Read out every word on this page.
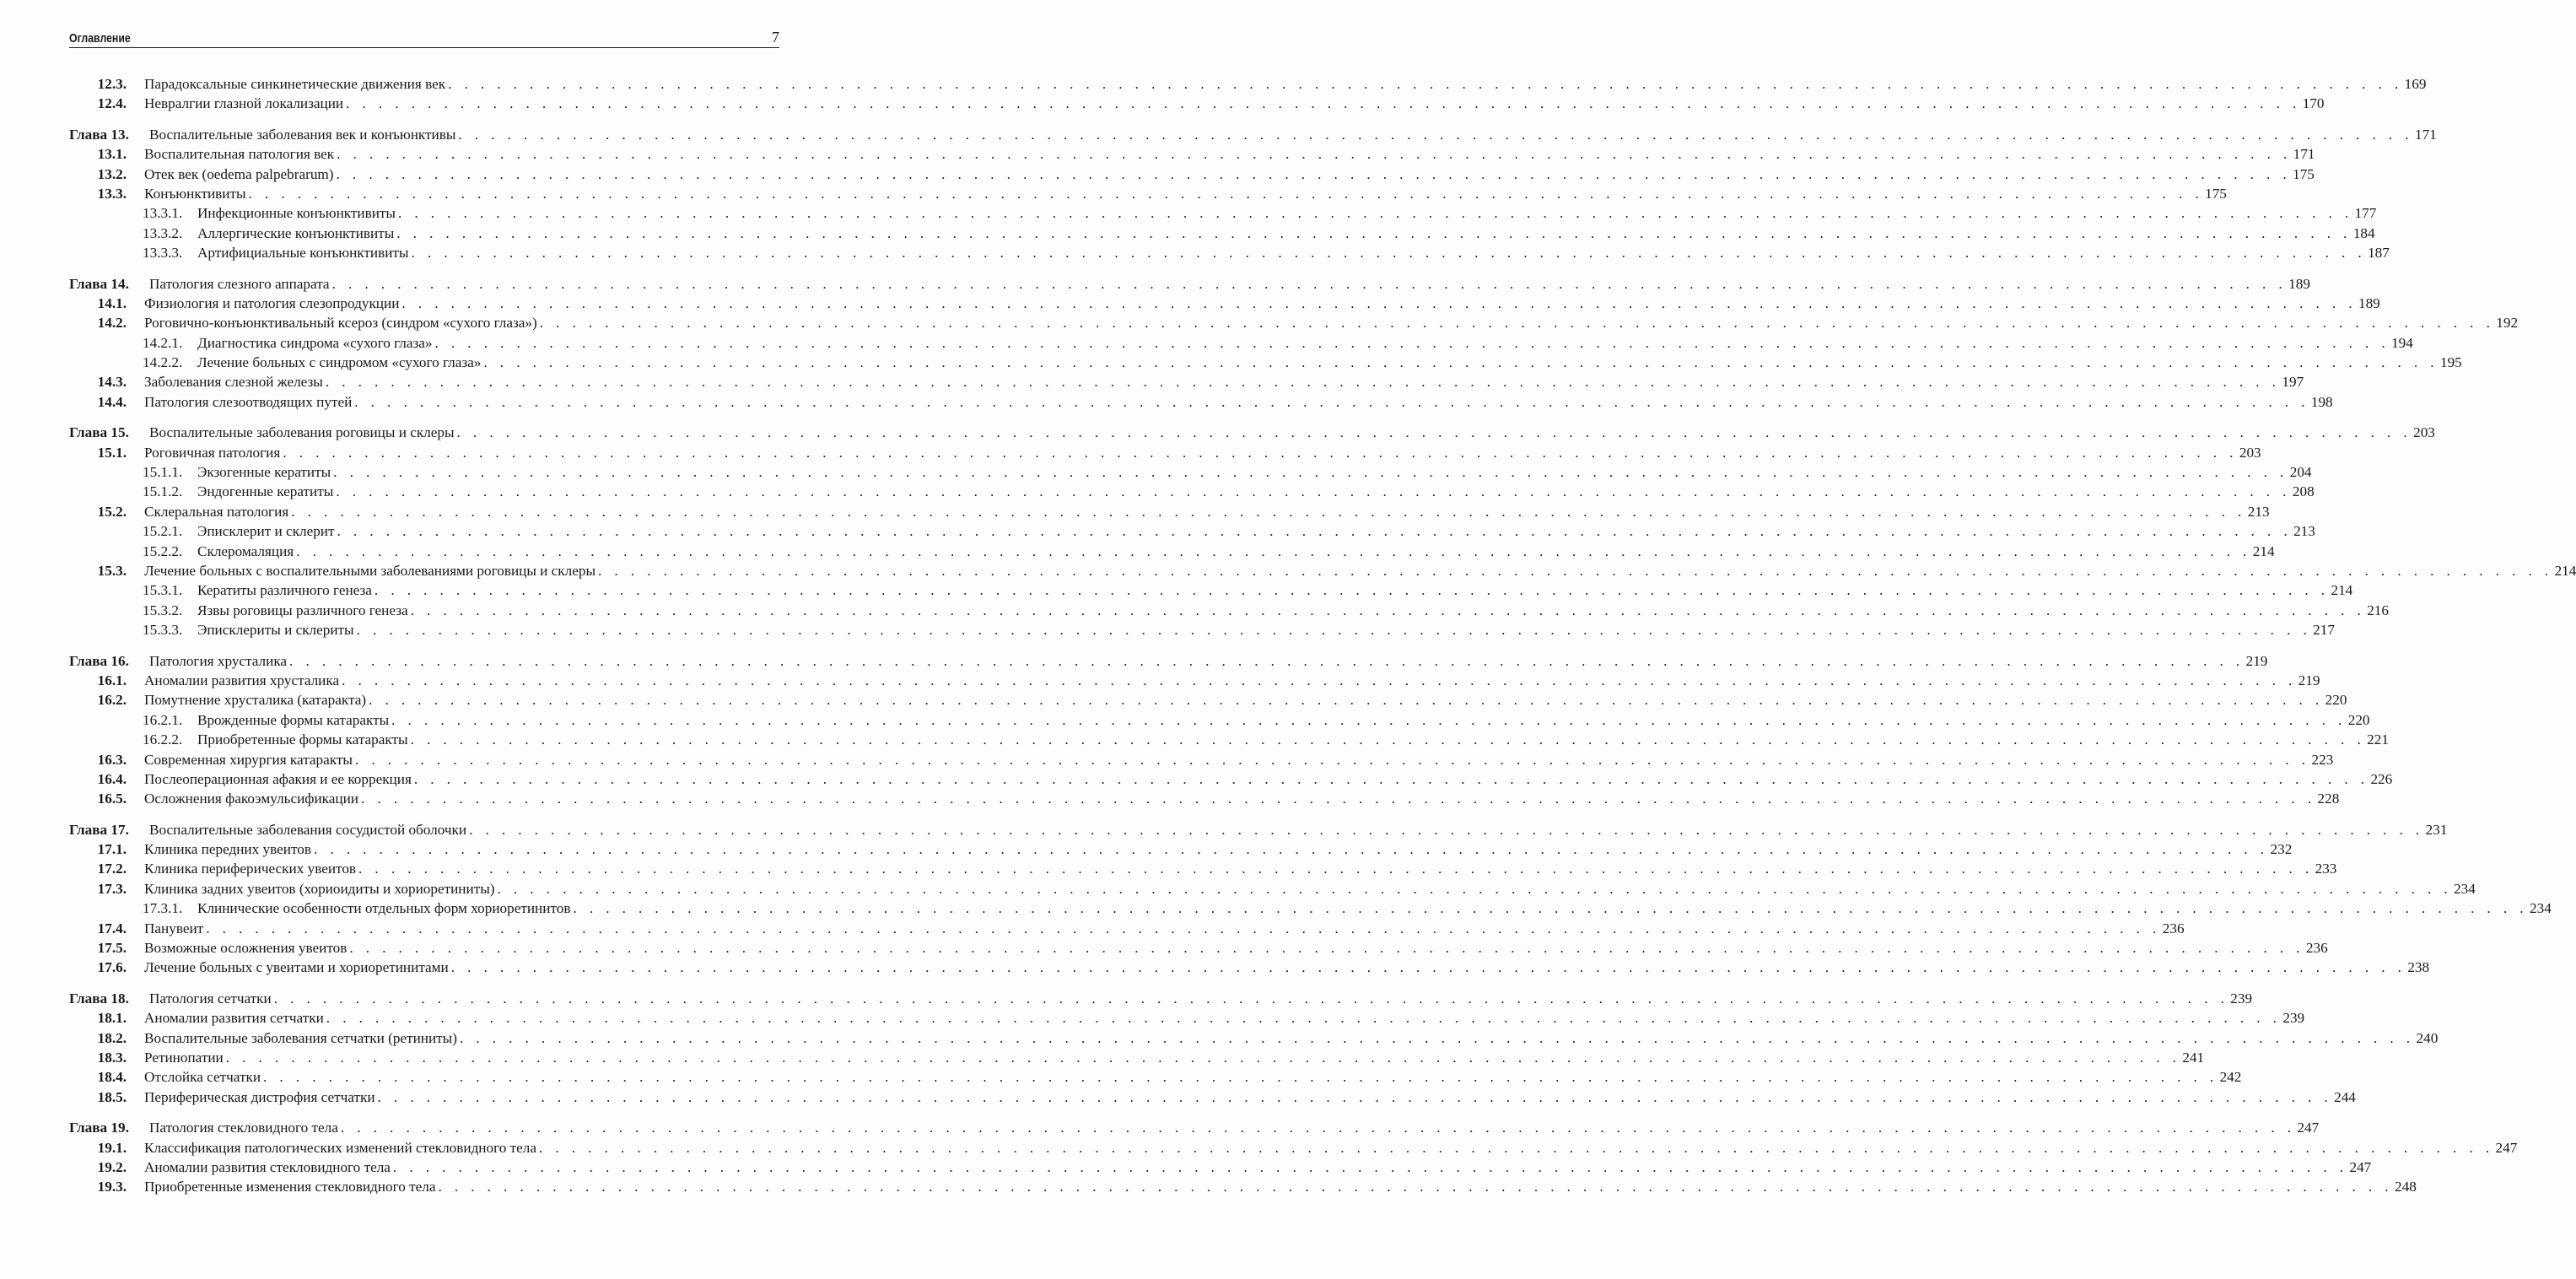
Оглавление	7
12.3. Парадоксальные синкинетические движения век . . . . . . . . . . . . . . . . . . . . . . . . . . . . . . . . . . . . . . . . . . . . . . . . . . . . . . . . . . . . . . . . . . . . . . . . . . . . . . . . . . . . . . . . . . . . . . . . . . . . . . . . . . . . . . . . . . . . . . . . 169
12.4. Невралгии глазной локализации . . . . . . . . . . . . . . . . . . . . . . . . . . . . . . . . . . . . . . . . . . . . . . . . . . . . . . . . . . . . . . . . . . . . . . . . . . . . . . . . . . . . . . . . . . . . . . . . . . . . . . . . . . . . . . . . . . . . . . . . 170
Глава 13. Воспалительные заболевания век и конъюнктивы . . . . . . . . . . . . . . . . . . . . . . . . . . . . . . . . . . . . . . . . . . . . . . . . . . . . . . . . . . . . . . . . . . . . . . . . . . . . . . . . . . . . . . . . . . . . . . . . . . . . . . . . . . . . . . . . . . . . . . . . 171
13.1. Воспалительная патология век . . . . . . . . . . . . . . . . . . . . . . . . . . . . . . . . . . . . . . . . . . . . . . . . . . . . . . . . . . . . . . . . . . . . . . . . . . . . . . . . . . . . . . . . . . . . . . . . . . . . . . . . . . . . . . . . . . . . . . . . 171
13.2. Отек век (oedema palpebrarum) . . . . . . . . . . . . . . . . . . . . . . . . . . . . . . . . . . . . . . . . . . . . . . . . . . . . . . . . . . . . . . . . . . . . . . . . . . . . . . . . . . . . . . . . . . . . . . . . . . . . . . . . . . . . . . . . . . . . . . . . 175
13.3. Конъюнктивиты . . . . . . . . . . . . . . . . . . . . . . . . . . . . . . . . . . . . . . . . . . . . . . . . . . . . . . . . . . . . . . . . . . . . . . . . . . . . . . . . . . . . . . . . . . . . . . . . . . . . . . . . . . . . . . . . . . . . . . . . 175
13.3.1. Инфекционные конъюнктивиты . . . . . . . . . . . . . . . . . . . . . . . . . . . . . . . . . . . . . . . . . . . . . . . . . . . . . . . . . . . . . . . . . . . . . . . . . . . . . . . . . . . . . . . . . . . . . . . . . . . . . . . . . . . . . . . . . . . . . . . . 177
13.3.2. Аллергические конъюнктивиты . . . . . . . . . . . . . . . . . . . . . . . . . . . . . . . . . . . . . . . . . . . . . . . . . . . . . . . . . . . . . . . . . . . . . . . . . . . . . . . . . . . . . . . . . . . . . . . . . . . . . . . . . . . . . . . . . . . . . . . . 184
13.3.3. Артифициальные конъюнктивиты . . . . . . . . . . . . . . . . . . . . . . . . . . . . . . . . . . . . . . . . . . . . . . . . . . . . . . . . . . . . . . . . . . . . . . . . . . . . . . . . . . . . . . . . . . . . . . . . . . . . . . . . . . . . . . . . . . . . . . . . 187
Глава 14. Патология слезного аппарата . . . . . . . . . . . . . . . . . . . . . . . . . . . . . . . . . . . . . . . . . . . . . . . . . . . . . . . . . . . . . . . . . . . . . . . . . . . . . . . . . . . . . . . . . . . . . . . . . . . . . . . . . . . . . . . . . . . . . . . . 189
14.1. Физиология и патология слезопродукции . . . . . . . . . . . . . . . . . . . . . . . . . . . . . . . . . . . . . . . . . . . . . . . . . . . . . . . . . . . . . . . . . . . . . . . . . . . . . . . . . . . . . . . . . . . . . . . . . . . . . . . . . . . . . . . . . . . . . . . . 189
14.2. Роговично-конъюнктивальный ксероз (синдром «сухого глаза») . . . . . . . . . . . . . . . . . . . . . . . . . . . . . . . . . . . . . . . . . . . . . . . . . . . . . . . . . . . . . . . . . . . . . . . . . . . . . . . . . . . . . . . . . . . . . . . . . . . . . . . . . . . . . . . . . . . . . . . . 192
14.2.1. Диагностика синдрома «сухого глаза» . . . . . . . . . . . . . . . . . . . . . . . . . . . . . . . . . . . . . . . . . . . . . . . . . . . . . . . . . . . . . . . . . . . . . . . . . . . . . . . . . . . . . . . . . . . . . . . . . . . . . . . . . . . . . . . . . . . . . . . . 194
14.2.2. Лечение больных с синдромом «сухого глаза» . . . . . . . . . . . . . . . . . . . . . . . . . . . . . . . . . . . . . . . . . . . . . . . . . . . . . . . . . . . . . . . . . . . . . . . . . . . . . . . . . . . . . . . . . . . . . . . . . . . . . . . . . . . . . . . . . . . . . . . . 195
14.3. Заболевания слезной железы . . . . . . . . . . . . . . . . . . . . . . . . . . . . . . . . . . . . . . . . . . . . . . . . . . . . . . . . . . . . . . . . . . . . . . . . . . . . . . . . . . . . . . . . . . . . . . . . . . . . . . . . . . . . . . . . . . . . . . . . 197
14.4. Патология слезоотводящих путей . . . . . . . . . . . . . . . . . . . . . . . . . . . . . . . . . . . . . . . . . . . . . . . . . . . . . . . . . . . . . . . . . . . . . . . . . . . . . . . . . . . . . . . . . . . . . . . . . . . . . . . . . . . . . . . . . . . . . . . . 198
Глава 15. Воспалительные заболевания роговицы и склеры . . . . . . . . . . . . . . . . . . . . . . . . . . . . . . . . . . . . . . . . . . . . . . . . . . . . . . . . . . . . . . . . . . . . . . . . . . . . . . . . . . . . . . . . . . . . . . . . . . . . . . . . . . . . . . . . . . . . . . . . 203
15.1. Роговичная патология . . . . . . . . . . . . . . . . . . . . . . . . . . . . . . . . . . . . . . . . . . . . . . . . . . . . . . . . . . . . . . . . . . . . . . . . . . . . . . . . . . . . . . . . . . . . . . . . . . . . . . . . . . . . . . . . . . . . . . . . 203
15.1.1. Экзогенные кератиты . . . . . . . . . . . . . . . . . . . . . . . . . . . . . . . . . . . . . . . . . . . . . . . . . . . . . . . . . . . . . . . . . . . . . . . . . . . . . . . . . . . . . . . . . . . . . . . . . . . . . . . . . . . . . . . . . . . . . . . . 204
15.1.2. Эндогенные кератиты . . . . . . . . . . . . . . . . . . . . . . . . . . . . . . . . . . . . . . . . . . . . . . . . . . . . . . . . . . . . . . . . . . . . . . . . . . . . . . . . . . . . . . . . . . . . . . . . . . . . . . . . . . . . . . . . . . . . . . . . 208
15.2. Склеральная патология . . . . . . . . . . . . . . . . . . . . . . . . . . . . . . . . . . . . . . . . . . . . . . . . . . . . . . . . . . . . . . . . . . . . . . . . . . . . . . . . . . . . . . . . . . . . . . . . . . . . . . . . . . . . . . . . . . . . . . . . 213
15.2.1. Эписклерит и склерит . . . . . . . . . . . . . . . . . . . . . . . . . . . . . . . . . . . . . . . . . . . . . . . . . . . . . . . . . . . . . . . . . . . . . . . . . . . . . . . . . . . . . . . . . . . . . . . . . . . . . . . . . . . . . . . . . . . . . . . . 213
15.2.2. Склеромаляция . . . . . . . . . . . . . . . . . . . . . . . . . . . . . . . . . . . . . . . . . . . . . . . . . . . . . . . . . . . . . . . . . . . . . . . . . . . . . . . . . . . . . . . . . . . . . . . . . . . . . . . . . . . . . . . . . . . . . . . . 214
15.3. Лечение больных с воспалительными заболеваниями роговицы и склеры . . . . . . . . . . . . . . . . . . . . . . . . . . . . . . . . . . . . . . . . . . . . . . . . . . . . . . . . . . . . . . . . . . . . . . . . . . . . . . . . . . . . . . . . . . . . . . . . . . . . . . . . . . . . . . . . . . . . . . . . 214
15.3.1. Кератиты различного генеза . . . . . . . . . . . . . . . . . . . . . . . . . . . . . . . . . . . . . . . . . . . . . . . . . . . . . . . . . . . . . . . . . . . . . . . . . . . . . . . . . . . . . . . . . . . . . . . . . . . . . . . . . . . . . . . . . . . . . . . . 214
15.3.2. Язвы роговицы различного генеза . . . . . . . . . . . . . . . . . . . . . . . . . . . . . . . . . . . . . . . . . . . . . . . . . . . . . . . . . . . . . . . . . . . . . . . . . . . . . . . . . . . . . . . . . . . . . . . . . . . . . . . . . . . . . . . . . . . . . . . . 216
15.3.3. Эписклериты и склериты . . . . . . . . . . . . . . . . . . . . . . . . . . . . . . . . . . . . . . . . . . . . . . . . . . . . . . . . . . . . . . . . . . . . . . . . . . . . . . . . . . . . . . . . . . . . . . . . . . . . . . . . . . . . . . . . . . . . . . . . 217
Глава 16. Патология хрусталика . . . . . . . . . . . . . . . . . . . . . . . . . . . . . . . . . . . . . . . . . . . . . . . . . . . . . . . . . . . . . . . . . . . . . . . . . . . . . . . . . . . . . . . . . . . . . . . . . . . . . . . . . . . . . . . . . . . . . . . . 219
16.1. Аномалии развития хрусталика . . . . . . . . . . . . . . . . . . . . . . . . . . . . . . . . . . . . . . . . . . . . . . . . . . . . . . . . . . . . . . . . . . . . . . . . . . . . . . . . . . . . . . . . . . . . . . . . . . . . . . . . . . . . . . . . . . . . . . . . 219
16.2. Помутнение хрусталика (катаракта) . . . . . . . . . . . . . . . . . . . . . . . . . . . . . . . . . . . . . . . . . . . . . . . . . . . . . . . . . . . . . . . . . . . . . . . . . . . . . . . . . . . . . . . . . . . . . . . . . . . . . . . . . . . . . . . . . . . . . . . . 220
16.2.1. Врожденные формы катаракты . . . . . . . . . . . . . . . . . . . . . . . . . . . . . . . . . . . . . . . . . . . . . . . . . . . . . . . . . . . . . . . . . . . . . . . . . . . . . . . . . . . . . . . . . . . . . . . . . . . . . . . . . . . . . . . . . . . . . . . . 220
16.2.2. Приобретенные формы катаракты . . . . . . . . . . . . . . . . . . . . . . . . . . . . . . . . . . . . . . . . . . . . . . . . . . . . . . . . . . . . . . . . . . . . . . . . . . . . . . . . . . . . . . . . . . . . . . . . . . . . . . . . . . . . . . . . . . . . . . . . 221
16.3. Современная хирургия катаракты . . . . . . . . . . . . . . . . . . . . . . . . . . . . . . . . . . . . . . . . . . . . . . . . . . . . . . . . . . . . . . . . . . . . . . . . . . . . . . . . . . . . . . . . . . . . . . . . . . . . . . . . . . . . . . . . . . . . . . . . 223
16.4. Послеоперационная афакия и ее коррекция . . . . . . . . . . . . . . . . . . . . . . . . . . . . . . . . . . . . . . . . . . . . . . . . . . . . . . . . . . . . . . . . . . . . . . . . . . . . . . . . . . . . . . . . . . . . . . . . . . . . . . . . . . . . . . . . . . . . . . . . 226
16.5. Осложнения факоэмульсификации . . . . . . . . . . . . . . . . . . . . . . . . . . . . . . . . . . . . . . . . . . . . . . . . . . . . . . . . . . . . . . . . . . . . . . . . . . . . . . . . . . . . . . . . . . . . . . . . . . . . . . . . . . . . . . . . . . . . . . . . 228
Глава 17. Воспалительные заболевания сосудистой оболочки . . . . . . . . . . . . . . . . . . . . . . . . . . . . . . . . . . . . . . . . . . . . . . . . . . . . . . . . . . . . . . . . . . . . . . . . . . . . . . . . . . . . . . . . . . . . . . . . . . . . . . . . . . . . . . . . . . . . . . . . 231
17.1. Клиника передних увеитов . . . . . . . . . . . . . . . . . . . . . . . . . . . . . . . . . . . . . . . . . . . . . . . . . . . . . . . . . . . . . . . . . . . . . . . . . . . . . . . . . . . . . . . . . . . . . . . . . . . . . . . . . . . . . . . . . . . . . . . . 232
17.2. Клиника периферических увеитов . . . . . . . . . . . . . . . . . . . . . . . . . . . . . . . . . . . . . . . . . . . . . . . . . . . . . . . . . . . . . . . . . . . . . . . . . . . . . . . . . . . . . . . . . . . . . . . . . . . . . . . . . . . . . . . . . . . . . . . . 233
17.3. Клиника задних увеитов (хориоидиты и хориоретиниты) . . . . . . . . . . . . . . . . . . . . . . . . . . . . . . . . . . . . . . . . . . . . . . . . . . . . . . . . . . . . . . . . . . . . . . . . . . . . . . . . . . . . . . . . . . . . . . . . . . . . . . . . . . . . . . . . . . . . . . . . 234
17.3.1. Клинические особенности отдельных форм хориоретинитов . . . . . . . . . . . . . . . . . . . . . . . . . . . . . . . . . . . . . . . . . . . . . . . . . . . . . . . . . . . . . . . . . . . . . . . . . . . . . . . . . . . . . . . . . . . . . . . . . . . . . . . . . . . . . . . . . . . . . . . . 234
17.4. Панувеит . . . . . . . . . . . . . . . . . . . . . . . . . . . . . . . . . . . . . . . . . . . . . . . . . . . . . . . . . . . . . . . . . . . . . . . . . . . . . . . . . . . . . . . . . . . . . . . . . . . . . . . . . . . . . . . . . . . . . . . . 236
17.5. Возможные осложнения увеитов . . . . . . . . . . . . . . . . . . . . . . . . . . . . . . . . . . . . . . . . . . . . . . . . . . . . . . . . . . . . . . . . . . . . . . . . . . . . . . . . . . . . . . . . . . . . . . . . . . . . . . . . . . . . . . . . . . . . . . . . 236
17.6. Лечение больных с увеитами и хориоретинитами . . . . . . . . . . . . . . . . . . . . . . . . . . . . . . . . . . . . . . . . . . . . . . . . . . . . . . . . . . . . . . . . . . . . . . . . . . . . . . . . . . . . . . . . . . . . . . . . . . . . . . . . . . . . . . . . . . . . . . . . 238
Глава 18. Патология сетчатки . . . . . . . . . . . . . . . . . . . . . . . . . . . . . . . . . . . . . . . . . . . . . . . . . . . . . . . . . . . . . . . . . . . . . . . . . . . . . . . . . . . . . . . . . . . . . . . . . . . . . . . . . . . . . . . . . . . . . . . . 239
18.1. Аномалии развития сетчатки . . . . . . . . . . . . . . . . . . . . . . . . . . . . . . . . . . . . . . . . . . . . . . . . . . . . . . . . . . . . . . . . . . . . . . . . . . . . . . . . . . . . . . . . . . . . . . . . . . . . . . . . . . . . . . . . . . . . . . . . 239
18.2. Воспалительные заболевания сетчатки (ретиниты) . . . . . . . . . . . . . . . . . . . . . . . . . . . . . . . . . . . . . . . . . . . . . . . . . . . . . . . . . . . . . . . . . . . . . . . . . . . . . . . . . . . . . . . . . . . . . . . . . . . . . . . . . . . . . . . . . . . . . . . . 240
18.3. Ретинопатии . . . . . . . . . . . . . . . . . . . . . . . . . . . . . . . . . . . . . . . . . . . . . . . . . . . . . . . . . . . . . . . . . . . . . . . . . . . . . . . . . . . . . . . . . . . . . . . . . . . . . . . . . . . . . . . . . . . . . . . . 241
18.4. Отслойка сетчатки . . . . . . . . . . . . . . . . . . . . . . . . . . . . . . . . . . . . . . . . . . . . . . . . . . . . . . . . . . . . . . . . . . . . . . . . . . . . . . . . . . . . . . . . . . . . . . . . . . . . . . . . . . . . . . . . . . . . . . . . 242
18.5. Периферическая дистрофия сетчатки . . . . . . . . . . . . . . . . . . . . . . . . . . . . . . . . . . . . . . . . . . . . . . . . . . . . . . . . . . . . . . . . . . . . . . . . . . . . . . . . . . . . . . . . . . . . . . . . . . . . . . . . . . . . . . . . . . . . . . . . 244
Глава 19. Патология стекловидного тела . . . . . . . . . . . . . . . . . . . . . . . . . . . . . . . . . . . . . . . . . . . . . . . . . . . . . . . . . . . . . . . . . . . . . . . . . . . . . . . . . . . . . . . . . . . . . . . . . . . . . . . . . . . . . . . . . . . . . . . . 247
19.1. Классификация патологических изменений стекловидного тела . . . . . . . . . . . . . . . . . . . . . . . . . . . . . . . . . . . . . . . . . . . . . . . . . . . . . . . . . . . . . . . . . . . . . . . . . . . . . . . . . . . . . . . . . . . . . . . . . . . . . . . . . . . . . . . . . . . . . . . . 247
19.2. Аномалии развития стекловидного тела . . . . . . . . . . . . . . . . . . . . . . . . . . . . . . . . . . . . . . . . . . . . . . . . . . . . . . . . . . . . . . . . . . . . . . . . . . . . . . . . . . . . . . . . . . . . . . . . . . . . . . . . . . . . . . . . . . . . . . . . 247
19.3. Приобретенные изменения стекловидного тела . . . . . . . . . . . . . . . . . . . . . . . . . . . . . . . . . . . . . . . . . . . . . . . . . . . . . . . . . . . . . . . . . . . . . . . . . . . . . . . . . . . . . . . . . . . . . . . . . . . . . . . . . . . . . . . . . . . . . . . . 248
